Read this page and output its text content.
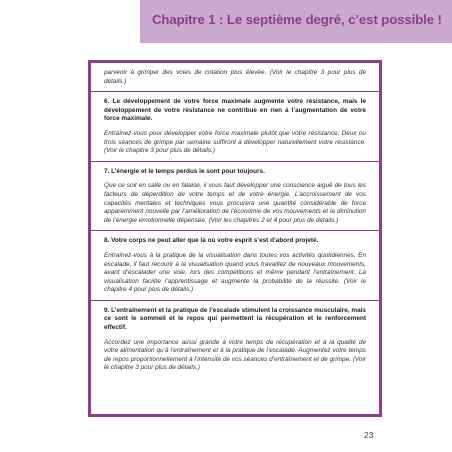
Chapitre 1 : Le septième degré, c’est possible !

parvenir à grimper des voies de cotation plus élevée. (Voir le chapitre 3 pour plus de détails.)

6. Le développement de votre force maximale augmente votre résistance, mais le développement de votre résistance ne contribue en rien à l’augmentation de votre force maximale.

Entraînez-vous pour développer votre force maximale plutôt que votre résistance. Deux ou trois séances de grimpe par semaine suffiront à développer naturellement votre résistance. (Voir le chapitre 3 pour plus de détails.)

7. L’énergie et le temps perdus le sont pour toujours.

Que ce soit en salle ou en falaise, il vous faut développer une conscience aiguë de tous les facteurs de déperdition de votre temps et de votre énergie. L’accroissement de vos capacités mentales et techniques vous procurera une quantité considérable de force apparemment nouvelle par l’amélioration de l’économie de vos mouvements et la diminution de l’énergie émotionnelle dépensée. (Voir les chapitres 2 et 4 pour plus de détails.)

8. Votre corps ne peut aller que là où votre esprit s’est d’abord projeté.

Entraînez-vous à la pratique de la visualisation dans toutes vos activités quotidiennes. En escalade, il faut recourir à la visualisation quand vous travaillez de nouveaux mouvements, avant d’escalader une voie, lors des compétitions et même pendant l’entraînement. La visualisation facilite l’apprentissage et augmente la probabilité de la réussite. (Voir le chapitre 4 pour plus de détails.)

9. L’entraînement et la pratique de l’escalade stimulent la croissance musculaire, mais ce sont le sommeil et le repos qui permettent la récupération et le renforcement effectif.

Accordez une importance aussi grande à votre temps de récupération et à la qualité de votre alimentation qu’à l’entraînement et à la pratique de l’escalade. Augmentez votre temps de repos proportionnellement à l’intensité de vos séances d’entraînement et de grimpe. (Voir le chapitre 3 pour plus de détails.)

23
